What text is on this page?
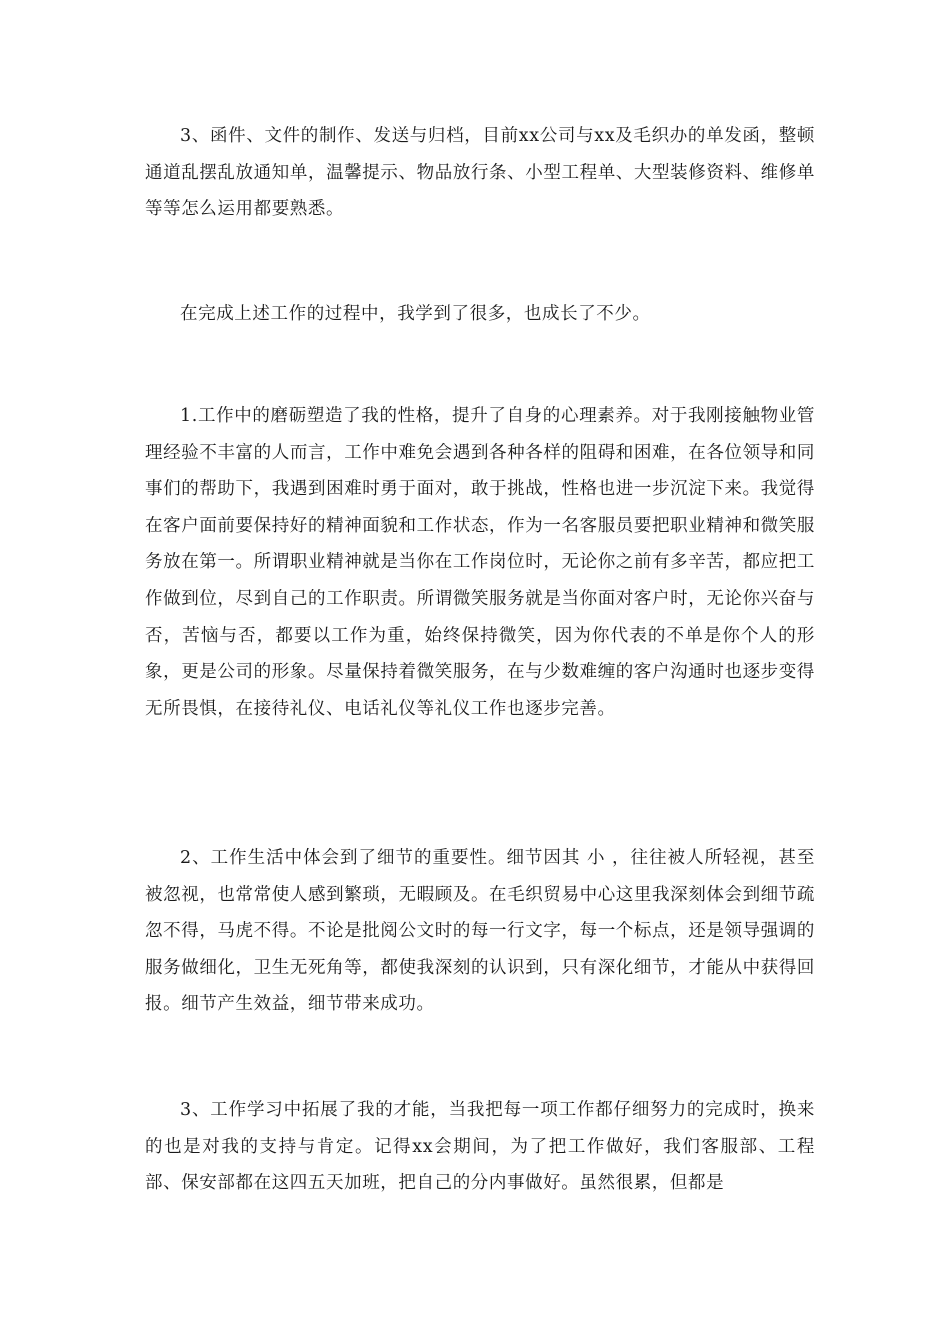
3、函件、文件的制作、发送与归档，目前xx公司与xx及毛织办的单发函，整顿通道乱摆乱放通知单，温馨提示、物品放行条、小型工程单、大型装修资料、维修单等等怎么运用都要熟悉。

在完成上述工作的过程中，我学到了很多，也成长了不少。

1.工作中的磨砺塑造了我的性格，提升了自身的心理素养。对于我刚接触物业管理经验不丰富的人而言，工作中难免会遇到各种各样的阻碍和困难，在各位领导和同事们的帮助下，我遇到困难时勇于面对，敢于挑战，性格也进一步沉淀下来。我觉得在客户面前要保持好的精神面貌和工作状态，作为一名客服员要把职业精神和微笑服务放在第一。所谓职业精神就是当你在工作岗位时，无论你之前有多辛苦，都应把工作做到位，尽到自己的工作职责。所谓微笑服务就是当你面对客户时，无论你兴奋与否，苦恼与否，都要以工作为重，始终保持微笑，因为你代表的不单是你个人的形象，更是公司的形象。尽量保持着微笑服务，在与少数难缠的客户沟通时也逐步变得无所畏惧，在接待礼仪、电话礼仪等礼仪工作也逐步完善。

2、工作生活中体会到了细节的重要性。细节因其 小 ，往往被人所轻视，甚至被忽视，也常常使人感到繁琐，无暇顾及。在毛织贸易中心这里我深刻体会到细节疏忽不得，马虎不得。不论是批阅公文时的每一行文字，每一个标点，还是领导强调的服务做细化，卫生无死角等，都使我深刻的认识到，只有深化细节，才能从中获得回报。细节产生效益，细节带来成功。

3、工作学习中拓展了我的才能，当我把每一项工作都仔细努力的完成时，换来的也是对我的支持与肯定。记得xx会期间，为了把工作做好，我们客服部、工程部、保安部都在这四五天加班，把自己的分内事做好。虽然很累，但都是
